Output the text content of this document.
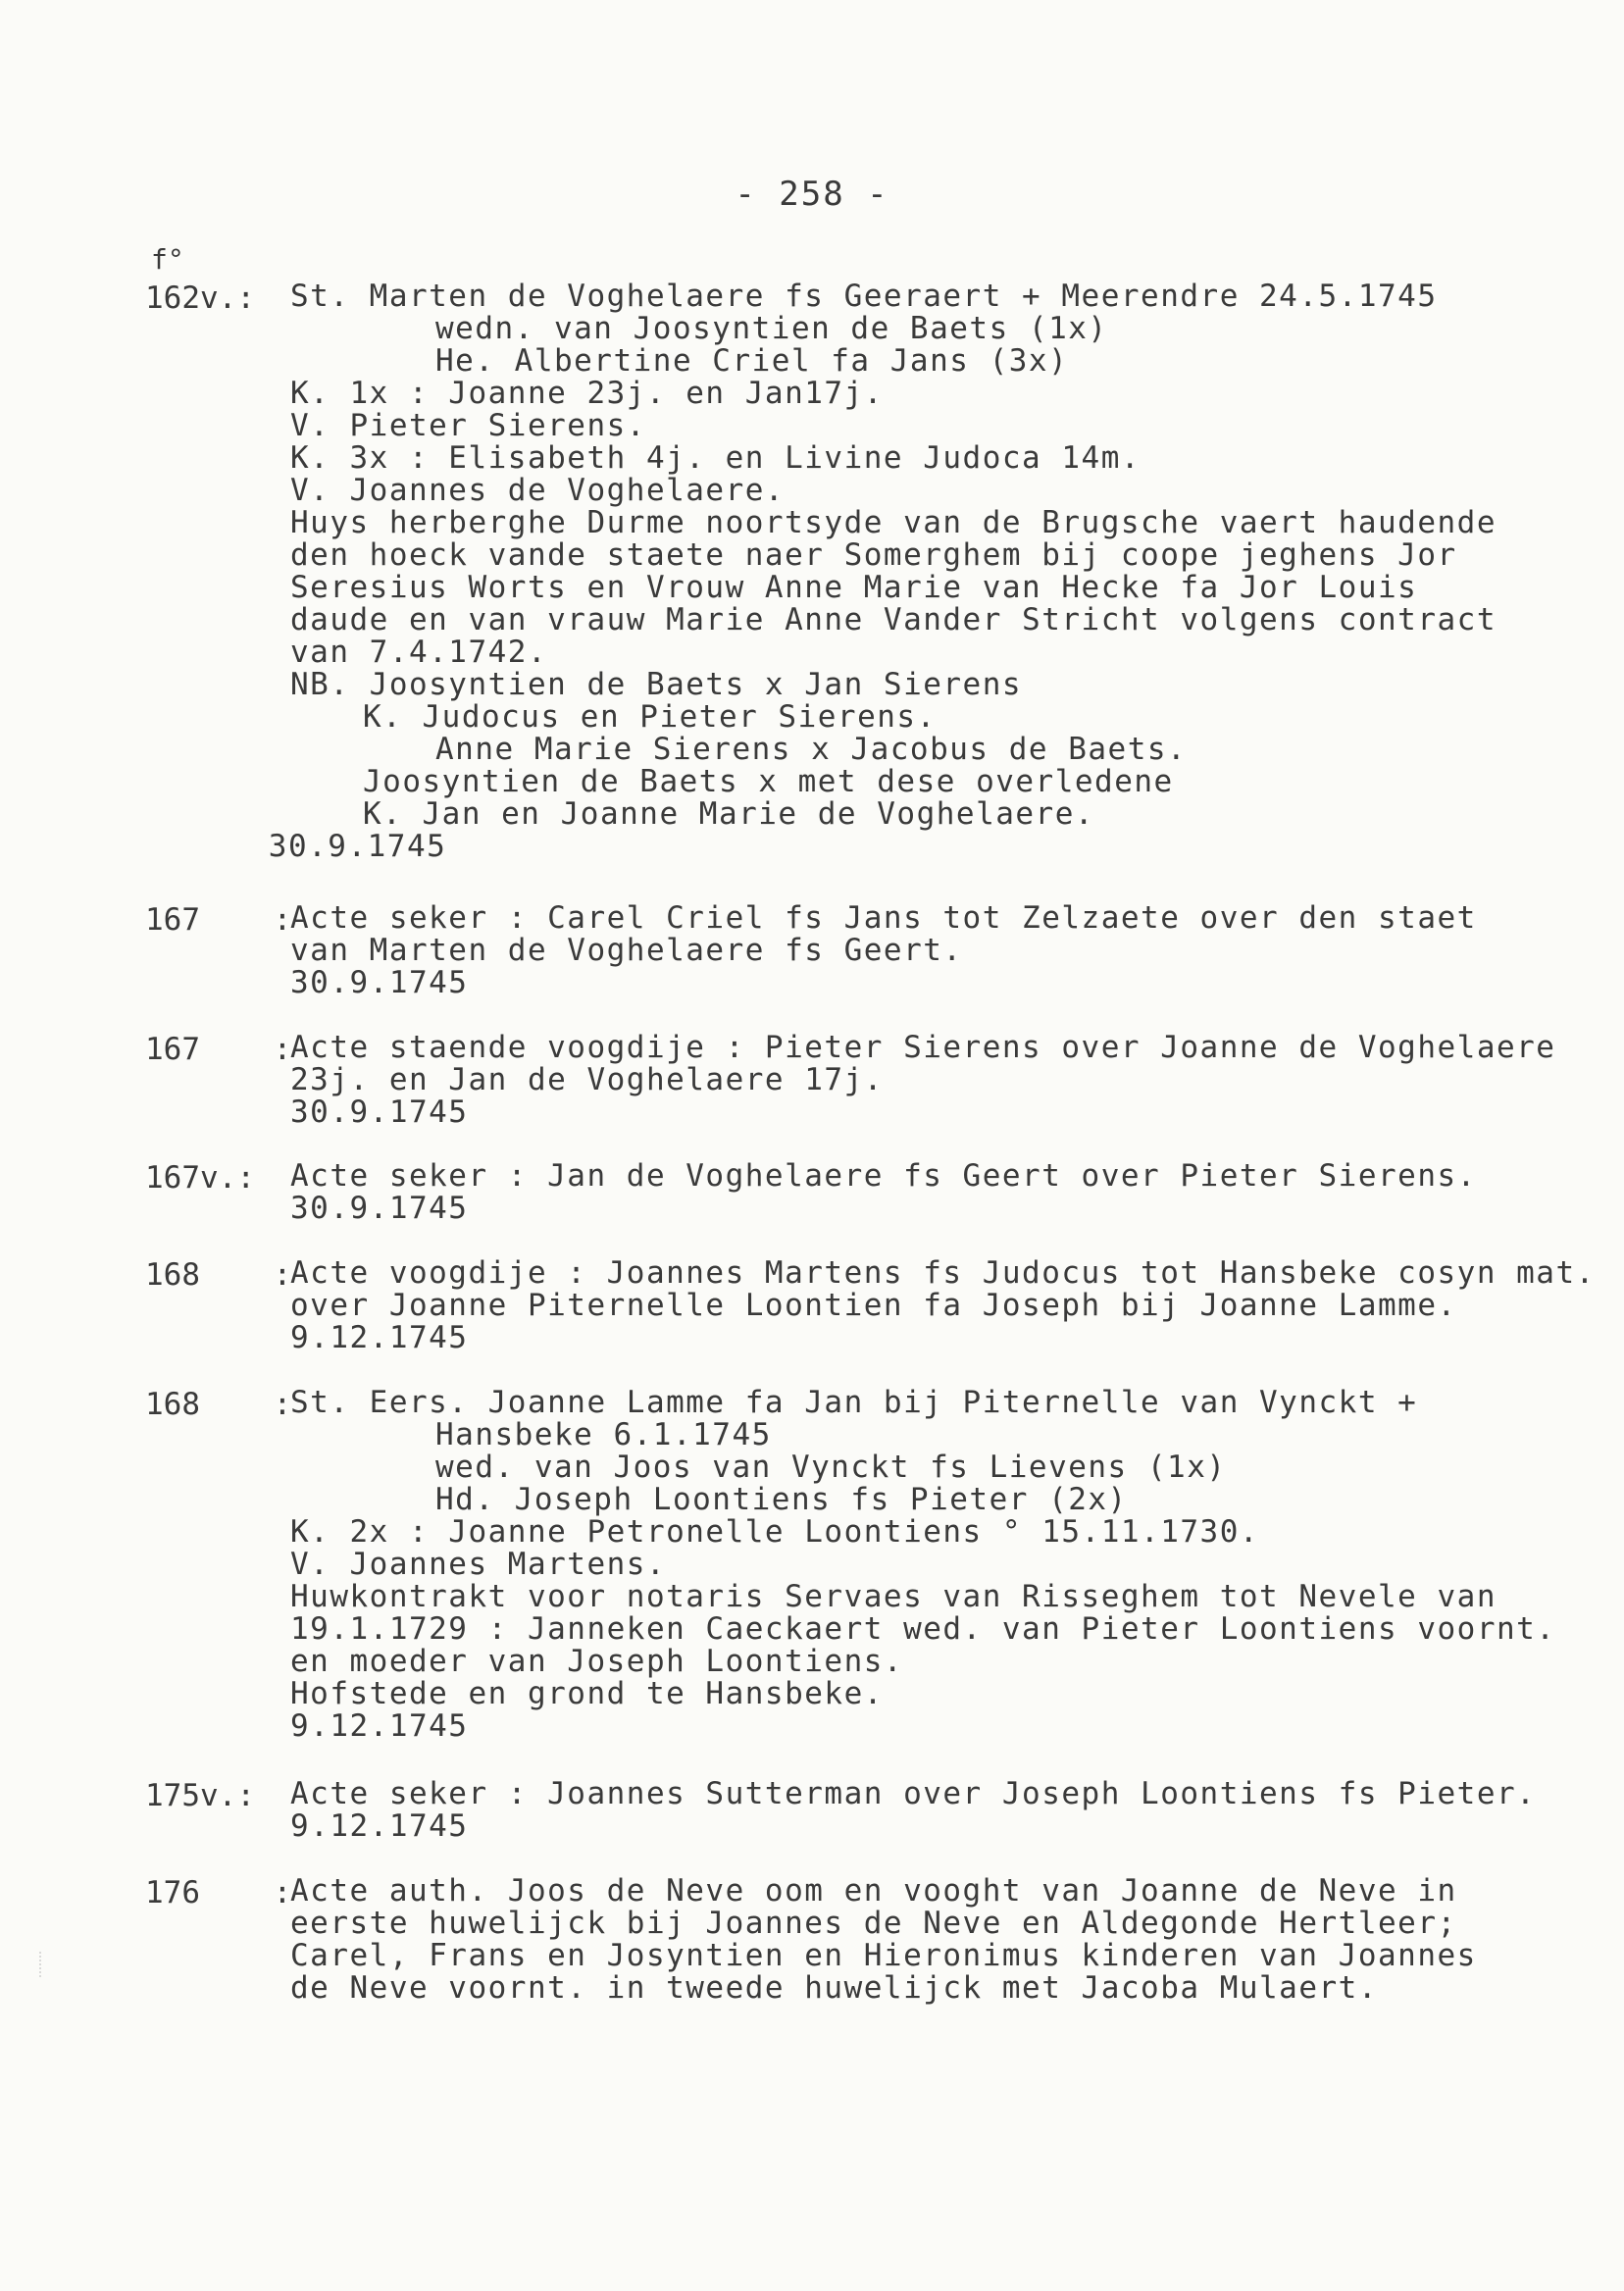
- 258 -
f°
162v.: St. Marten de Voghelaere fs Geeraert + Meerendre 24.5.1745
wedn. van Joosyntien de Baets (1x)
He. Albertine Criel fa Jans (3x)
K. 1x : Joanne 23j. en Jan17j.
V. Pieter Sierens.
K. 3x : Elisabeth 4j. en Livine Judoca 14m.
V. Joannes de Voghelaere.
Huys herberghe Durme noortsyde van de Brugsche vaert haudende
den hoeck vande staete naer Somerghem bij coope jeghens Jor
Seresius Worts en Vrouw Anne Marie van Hecke fa Jor Louis
daude en van vrauw Marie Anne Vander Stricht volgens contract
van 7.4.1742.
NB. Joosyntien de Baets x Jan Sierens
K. Judocus en Pieter Sierens.
Anne Marie Sierens x Jacobus de Baets.
Joosyntien de Baets x met dese overledene
K. Jan en Joanne Marie de Voghelaere.
30.9.1745
167    :
Acte seker : Carel Criel fs Jans tot Zelzaete over den staet
van Marten de Voghelaere fs Geert.
30.9.1745
167    :
Acte staende voogdije : Pieter Sierens over Joanne de Voghelaere
23j. en Jan de Voghelaere 17j.
30.9.1745
167v.: Acte seker : Jan de Voghelaere fs Geert over Pieter Sierens.
30.9.1745
168    :
Acte voogdije : Joannes Martens fs Judocus tot Hansbeke cosyn mat.
over Joanne Piternelle Loontien fa Joseph bij Joanne Lamme.
9.12.1745
168    :
St. Eers. Joanne Lamme fa Jan bij Piternelle van Vynckt +
Hansbeke 6.1.1745
wed. van Joos van Vynckt fs Lievens (1x)
Hd. Joseph Loontiens fs Pieter (2x)
K. 2x : Joanne Petronelle Loontiens ° 15.11.1730.
V. Joannes Martens.
Huwkontrakt voor notaris Servaes van Risseghem tot Nevele van
19.1.1729 : Janneken Caeckaert wed. van Pieter Loontiens voornt.
en moeder van Joseph Loontiens.
Hofstede en grond te Hansbeke.
9.12.1745
175v.: Acte seker : Joannes Sutterman over Joseph Loontiens fs Pieter.
9.12.1745
176    :
Acte auth. Joos de Neve oom en vooght van Joanne de Neve in
eerste huwelijck bij Joannes de Neve en Aldegonde Hertleer;
Carel, Frans en Josyntien en Hieronimus kinderen van Joannes
de Neve voornt. in tweede huwelijck met Jacoba Mulaert.
